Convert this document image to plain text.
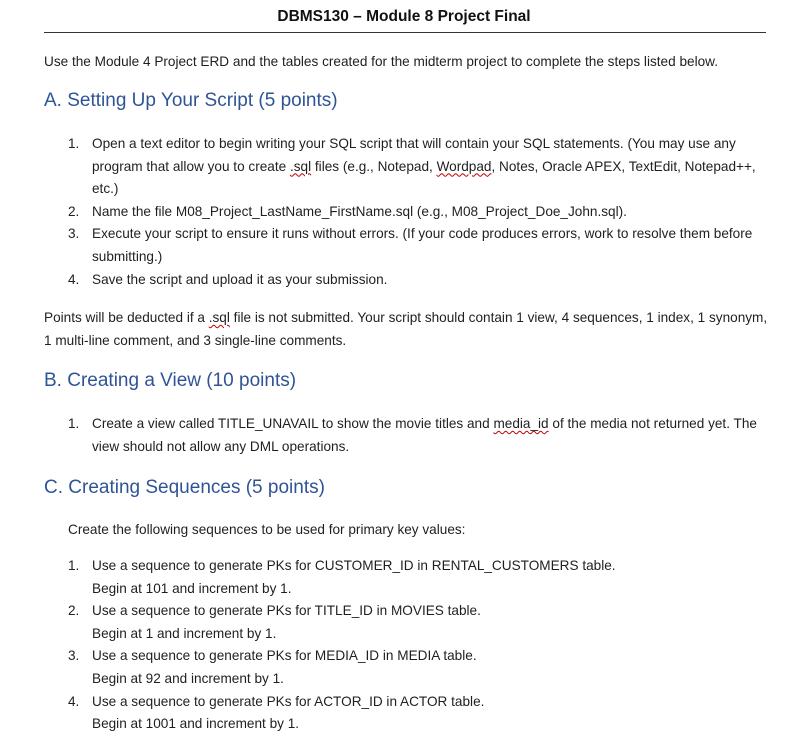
DBMS130 – Module 8 Project Final
Use the Module 4 Project ERD and the tables created for the midterm project to complete the steps listed below.
A. Setting Up Your Script (5 points)
1. Open a text editor to begin writing your SQL script that will contain your SQL statements. (You may use any program that allow you to create .sql files (e.g., Notepad, Wordpad, Notes, Oracle APEX, TextEdit, Notepad++, etc.)
2. Name the file M08_Project_LastName_FirstName.sql (e.g., M08_Project_Doe_John.sql).
3. Execute your script to ensure it runs without errors. (If your code produces errors, work to resolve them before submitting.)
4. Save the script and upload it as your submission.
Points will be deducted if a .sql file is not submitted. Your script should contain 1 view, 4 sequences, 1 index, 1 synonym, 1 multi-line comment, and 3 single-line comments.
B. Creating a View (10 points)
1. Create a view called TITLE_UNAVAIL to show the movie titles and media_id of the media not returned yet. The view should not allow any DML operations.
C. Creating Sequences (5 points)
Create the following sequences to be used for primary key values:
1. Use a sequence to generate PKs for CUSTOMER_ID in RENTAL_CUSTOMERS table.
Begin at 101 and increment by 1.
2. Use a sequence to generate PKs for TITLE_ID in MOVIES table.
Begin at 1 and increment by 1.
3. Use a sequence to generate PKs for MEDIA_ID in MEDIA table.
Begin at 92 and increment by 1.
4. Use a sequence to generate PKs for ACTOR_ID in ACTOR table.
Begin at 1001 and increment by 1.
